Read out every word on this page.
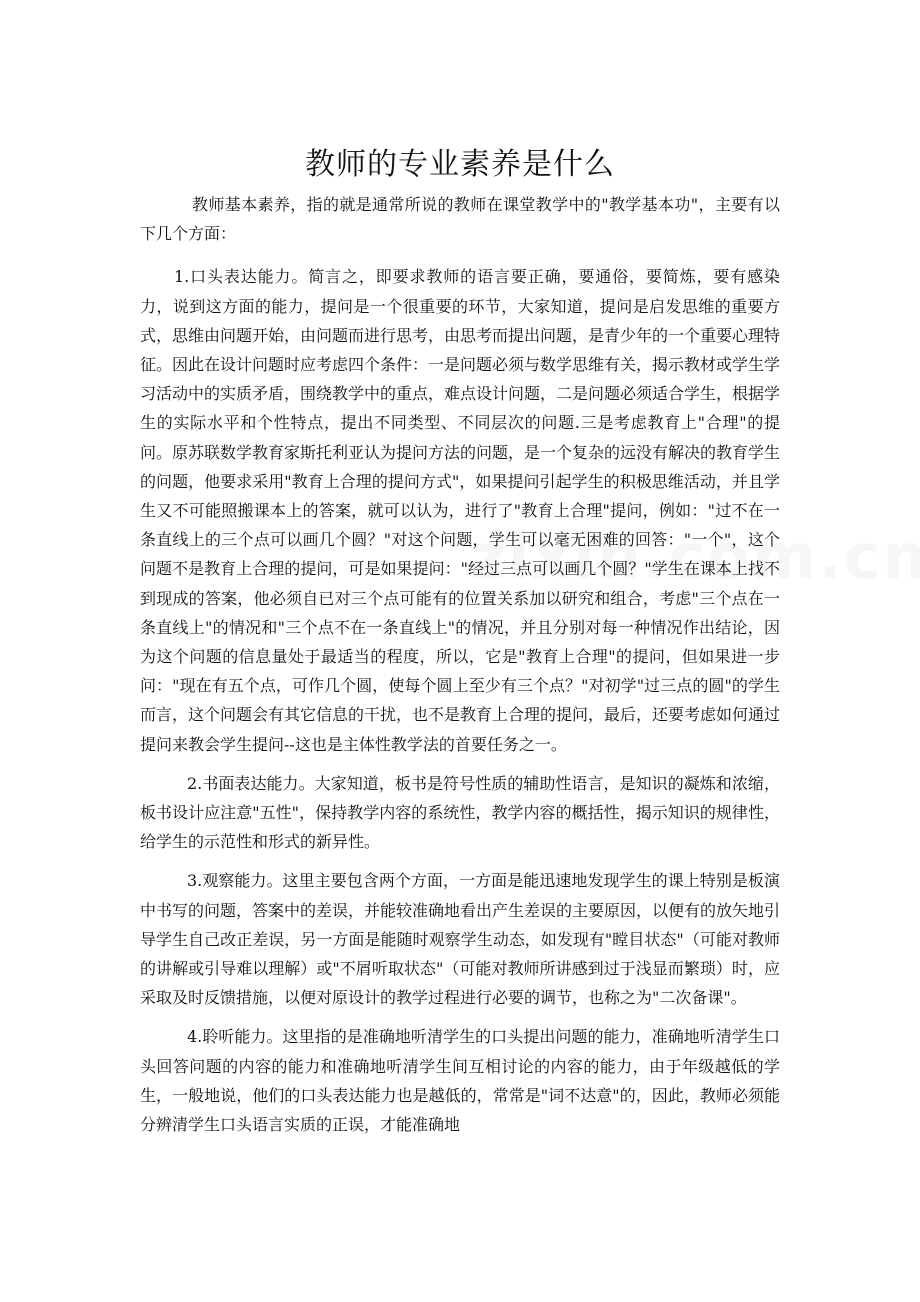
教师的专业素养是什么

教师基本素养，指的就是通常所说的教师在课堂教学中的"教学基本功"，主要有以下几个方面：

1.口头表达能力。简言之，即要求教师的语言要正确，要通俗，要简炼，要有感染力，说到这方面的能力，提问是一个很重要的环节，大家知道，提问是启发思维的重要方式，思维由问题开始，由问题而进行思考，由思考而提出问题，是青少年的一个重要心理特征。因此在设计问题时应考虑四个条件：一是问题必须与数学思维有关，揭示教材或学生学习活动中的实质矛盾，围绕教学中的重点，难点设计问题，二是问题必须适合学生，根据学生的实际水平和个性特点，提出不同类型、不同层次的问题.三是考虑教育上"合理"的提问。原苏联数学教育家斯托利亚认为提问方法的问题，是一个复杂的远没有解决的教育学生的问题，他要求采用"教育上合理的提问方式"，如果提问引起学生的积极思维活动，并且学生又不可能照搬课本上的答案，就可以认为，进行了"教育上合理"提问，例如："过不在一条直线上的三个点可以画几个圆？"对这个问题，学生可以毫无困难的回答："一个"，这个问题不是教育上合理的提问，可是如果提问："经过三点可以画几个圆？"学生在课本上找不到现成的答案，他必须自已对三个点可能有的位置关系加以研究和组合，考虑"三个点在一条直线上"的情况和"三个点不在一条直线上"的情况，并且分别对每一种情况作出结论，因为这个问题的信息量处于最适当的程度，所以，它是"教育上合理"的提问，但如果进一步问："现在有五个点，可作几个圆，使每个圆上至少有三个点？"对初学"过三点的圆"的学生而言，这个问题会有其它信息的干扰，也不是教育上合理的提问，最后，还要考虑如何通过提问来教会学生提问--这也是主体性教学法的首要任务之一。

2.书面表达能力。大家知道，板书是符号性质的辅助性语言，是知识的凝炼和浓缩，板书设计应注意"五性"，保持教学内容的系统性，教学内容的概括性，揭示知识的规律性，给学生的示范性和形式的新异性。

3.观察能力。这里主要包含两个方面，一方面是能迅速地发现学生的课上特别是板演中书写的问题，答案中的差误，并能较准确地看出产生差误的主要原因，以便有的放矢地引导学生自己改正差误，另一方面是能随时观察学生动态，如发现有"瞠目状态"（可能对教师的讲解或引导难以理解）或"不屑听取状态"（可能对教师所讲感到过于浅显而繁琐）时，应采取及时反馈措施，以便对原设计的教学过程进行必要的调节，也称之为"二次备课"。

4.聆听能力。这里指的是准确地听清学生的口头提出问题的能力，准确地听清学生口头回答问题的内容的能力和准确地听清学生间互相讨论的内容的能力，由于年级越低的学生，一般地说，他们的口头表达能力也是越低的，常常是"词不达意"的，因此，教师必须能分辨清学生口头语言实质的正误，才能准确地
